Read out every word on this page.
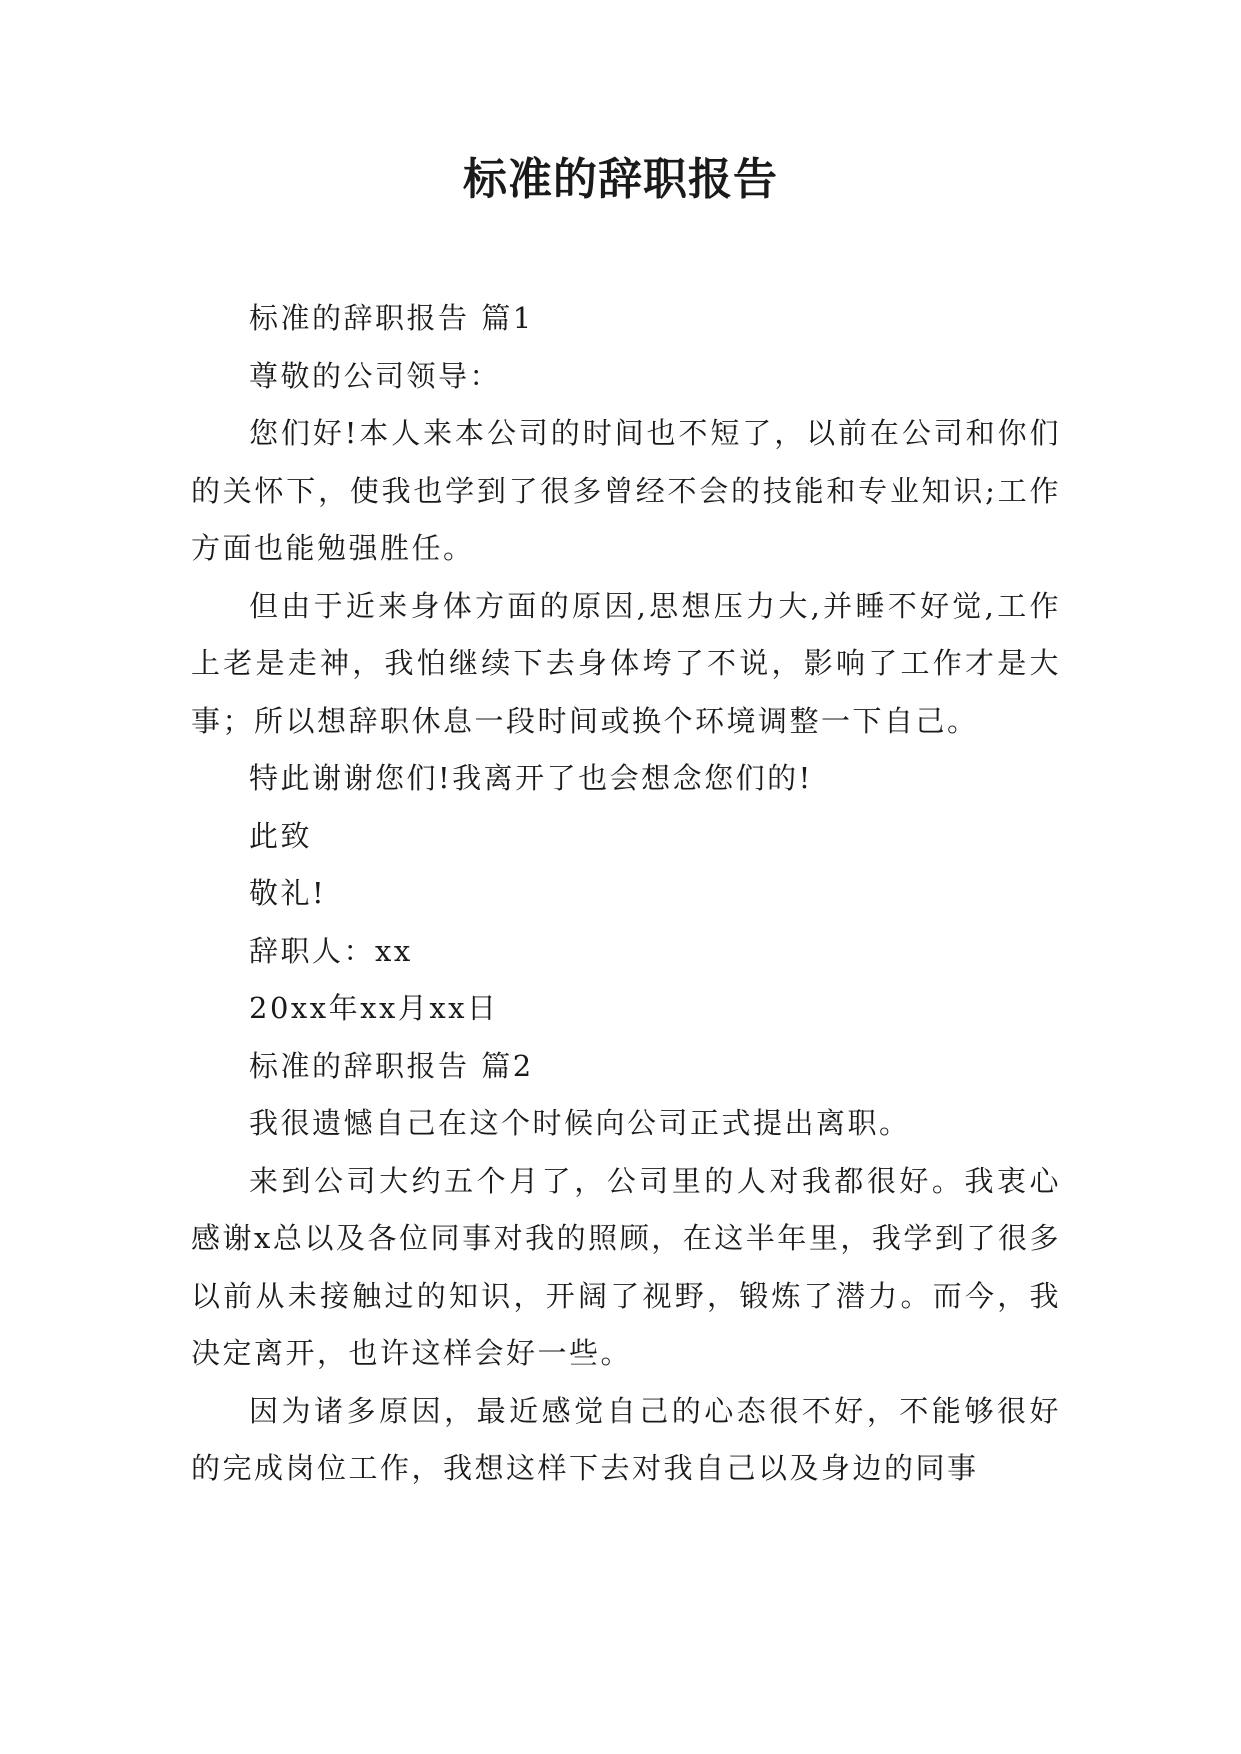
标准的辞职报告

标准的辞职报告 篇1

尊敬的公司领导：

您们好!本人来本公司的时间也不短了，以前在公司和你们的关怀下，使我也学到了很多曾经不会的技能和专业知识;工作方面也能勉强胜任。

但由于近来身体方面的原因,思想压力大,并睡不好觉,工作上老是走神，我怕继续下去身体垮了不说，影响了工作才是大事；所以想辞职休息一段时间或换个环境调整一下自己。

特此谢谢您们!我离开了也会想念您们的!

此致

敬礼!

辞职人：xx

20xx年xx月xx日

标准的辞职报告 篇2

我很遗憾自己在这个时候向公司正式提出离职。

来到公司大约五个月了，公司里的人对我都很好。我衷心感谢x总以及各位同事对我的照顾，在这半年里，我学到了很多以前从未接触过的知识，开阔了视野，锻炼了潜力。而今，我决定离开，也许这样会好一些。

因为诸多原因，最近感觉自己的心态很不好，不能够很好的完成岗位工作，我想这样下去对我自己以及身边的同事
